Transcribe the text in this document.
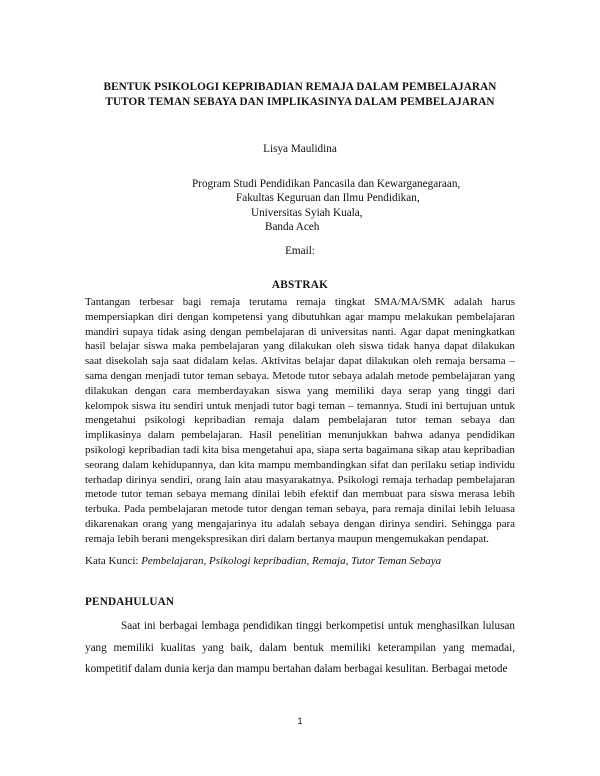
BENTUK PSIKOLOGI KEPRIBADIAN REMAJA DALAM PEMBELAJARAN
TUTOR TEMAN SEBAYA DAN IMPLIKASINYA DALAM PEMBELAJARAN
Lisya Maulidina
Program Studi Pendidikan Pancasila dan Kewarganegaraan,
Fakultas Keguruan dan Ilmu Pendidikan,
Universitas Syiah Kuala,
Banda Aceh
Email:
ABSTRAK

Tantangan terbesar bagi remaja terutama remaja tingkat SMA/MA/SMK adalah harus mempersiapkan diri dengan kompetensi yang dibutuhkan agar mampu melakukan pembelajaran mandiri supaya tidak asing dengan pembelajaran di universitas nanti. Agar dapat meningkatkan hasil belajar siswa maka pembelajaran yang dilakukan oleh siswa tidak hanya dapat dilakukan saat disekolah saja saat didalam kelas. Aktivitas belajar dapat dilakukan oleh remaja bersama – sama dengan menjadi tutor teman sebaya. Metode tutor sebaya adalah metode pembelajaran yang dilakukan dengan cara memberdayakan siswa yang memiliki daya serap yang tinggi dari kelompok siswa itu sendiri untuk menjadi tutor bagi teman – temannya. Studi ini bertujuan untuk mengetahui psikologi kepribadian remaja dalam pembelajaran tutor teman sebaya dan implikasinya dalam pembelajaran. Hasil penelitian menunjukkan bahwa adanya pendidikan psikologi kepribadian tadi kita bisa mengetahui apa, siapa serta bagaimana sikap atau kepribadian seorang dalam kehidupannya, dan kita mampu membandingkan sifat dan perilaku setiap individu terhadap dirinya sendiri, orang lain atau masyarakatnya. Psikologi remaja terhadap pembelajaran metode tutor teman sebaya memang dinilai lebih efektif dan membuat para siswa merasa lebih terbuka. Pada pembelajaran metode tutor dengan teman sebaya, para remaja dinilai lebih leluasa dikarenakan orang yang mengajarinya itu adalah sebaya dengan dirinya sendiri. Sehingga para remaja lebih berani mengekspresikan diri dalam bertanya maupun mengemukakan pendapat.

Kata Kunci: Pembelajaran, Psikologi kepribadian, Remaja, Tutor Teman Sebaya
PENDAHULUAN

Saat ini berbagai lembaga pendidikan tinggi berkompetisi untuk menghasilkan lulusan yang memiliki kualitas yang baik, dalam bentuk memiliki keterampilan yang memadai, kompetitif dalam dunia kerja dan mampu bertahan dalam berbagai kesulitan. Berbagai metode

1
